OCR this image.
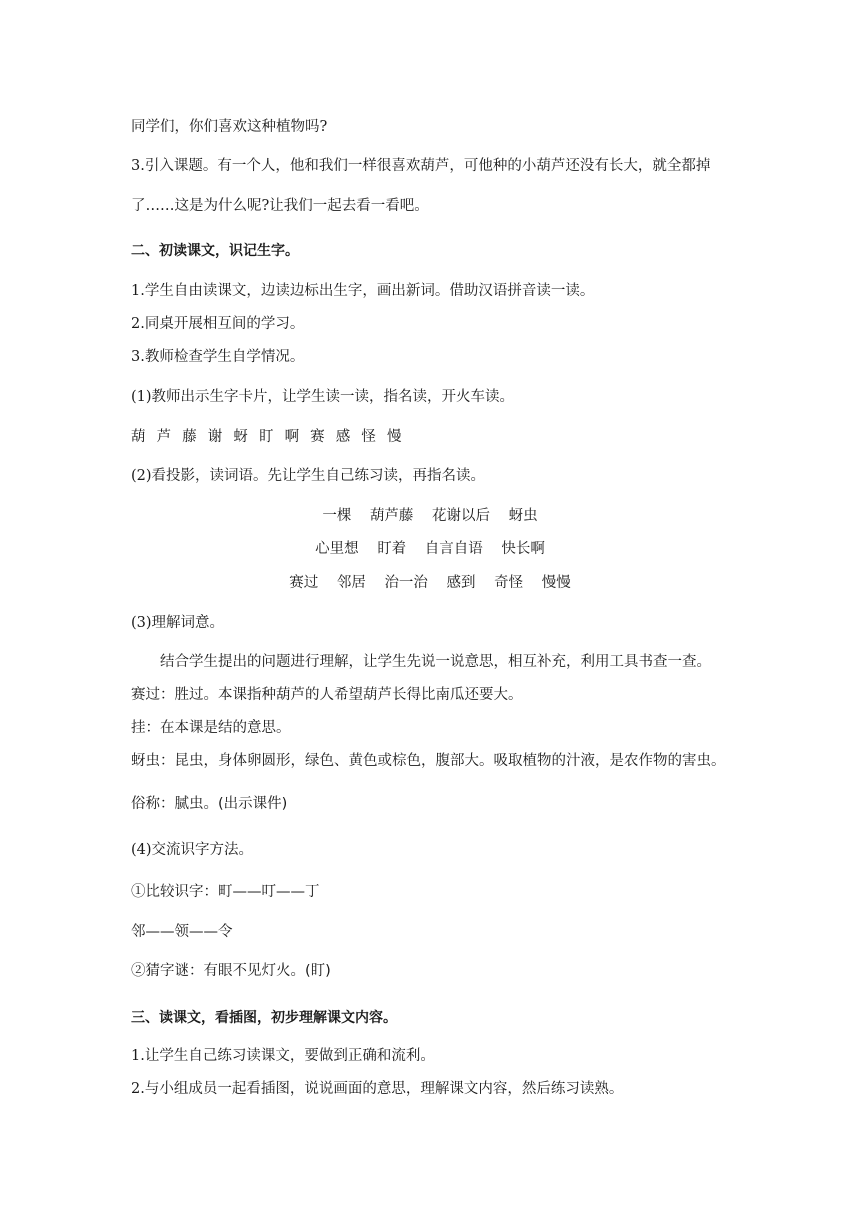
同学们，你们喜欢这种植物吗?
3.引入课题。有一个人，他和我们一样很喜欢葫芦，可他种的小葫芦还没有长大，就全都掉
了……这是为什么呢?让我们一起去看一看吧。
二、初读课文，识记生字。
1.学生自由读课文，边读边标出生字，画出新词。借助汉语拼音读一读。
2.同桌开展相互间的学习。
3.教师检查学生自学情况。
(1)教师出示生字卡片，让学生读一读，指名读，开火车读。
葫 芦 藤 谢 蚜 盯 啊 赛 感 怪 慢
(2)看投影，读词语。先让学生自己练习读，再指名读。
一棵 葫芦藤 花谢以后 蚜虫
心里想 盯着 自言自语 快长啊
赛过 邻居 治一治 感到 奇怪 慢慢
(3)理解词意。
结合学生提出的问题进行理解，让学生先说一说意思，相互补充，利用工具书查一查。
赛过：胜过。本课指种葫芦的人希望葫芦长得比南瓜还要大。
挂：在本课是结的意思。
蚜虫：昆虫，身体卵圆形，绿色、黄色或棕色，腹部大。吸取植物的汁液，是农作物的害虫。
俗称：腻虫。(出示课件)
(4)交流识字方法。
①比较识字：町——叮——丁
邻——领——令
②猜字谜：有眼不见灯火。(盯)
三、读课文，看插图，初步理解课文内容。
1.让学生自己练习读课文，要做到正确和流利。
2.与小组成员一起看插图，说说画面的意思，理解课文内容，然后练习读熟。
